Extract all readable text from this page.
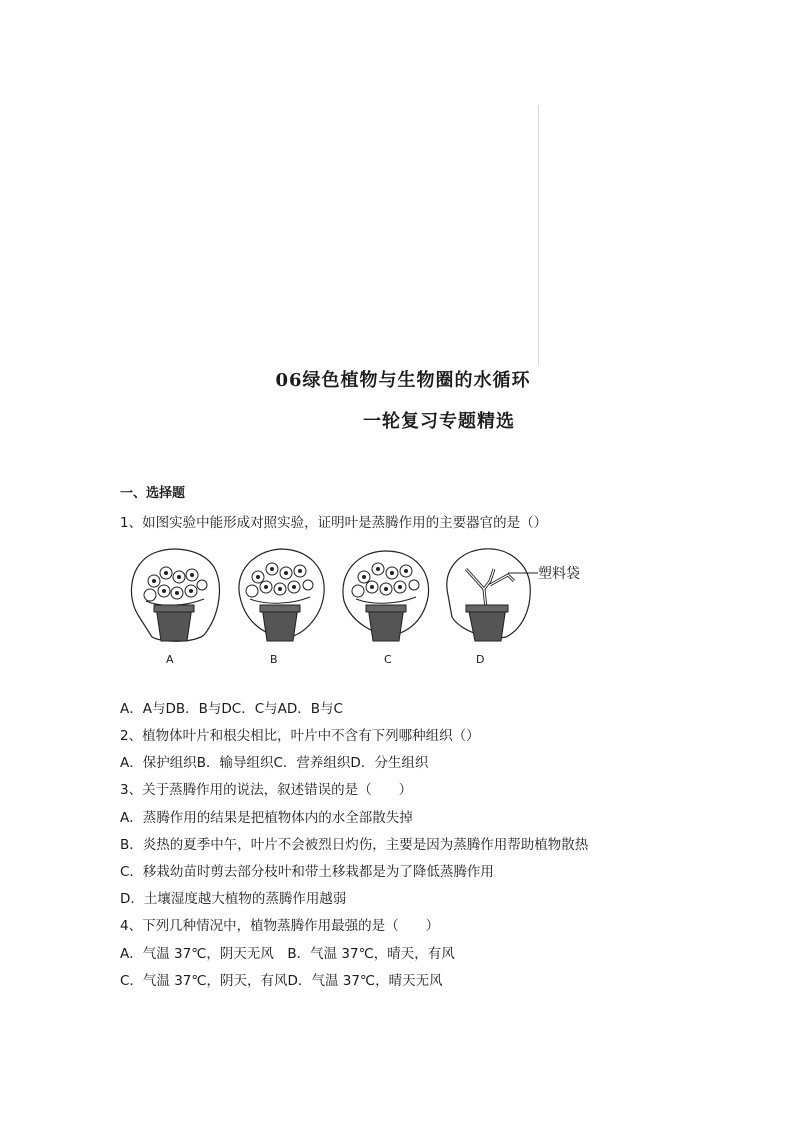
06绿色植物与生物圈的水循环
一轮复习专题精选
一、选择题
1、如图实验中能形成对照实验，证明叶是蒸腾作用的主要器官的是（）
A	B	C	D
塑料袋
A．A与DB．B与DC．C与AD．B与C
2、植物体叶片和根尖相比，叶片中不含有下列哪种组织（）
A．保护组织B．输导组织C．营养组织D．分生组织
3、关于蒸腾作用的说法，叙述错误的是（　　）
A．蒸腾作用的结果是把植物体内的水全部散失掉
B．炎热的夏季中午，叶片不会被烈日灼伤，主要是因为蒸腾作用帮助植物散热
C．移栽幼苗时剪去部分枝叶和带土移栽都是为了降低蒸腾作用
D．土壤湿度越大植物的蒸腾作用越弱
4、下列几种情况中，植物蒸腾作用最强的是（　　）
A．气温 37℃，阴天无风　B．气温 37℃，晴天，有风
C．气温 37℃，阴天，有风D．气温 37℃，晴天无风
